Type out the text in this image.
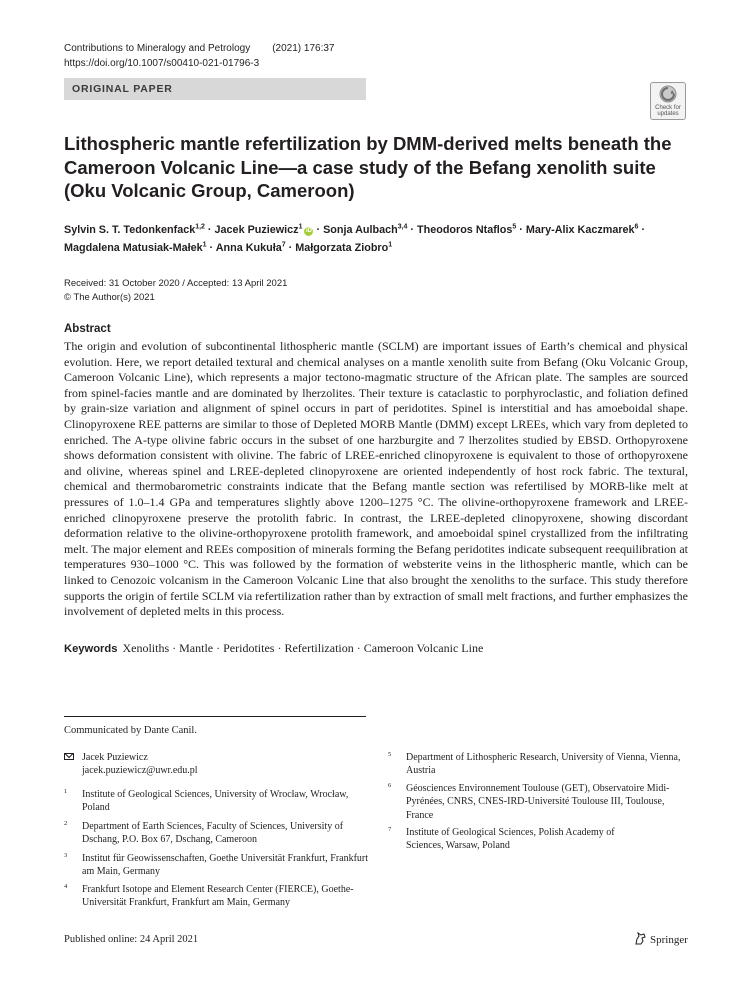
Contributions to Mineralogy and Petrology (2021) 176:37
https://doi.org/10.1007/s00410-021-01796-3
ORIGINAL PAPER
Check for
updates
Lithospheric mantle refertilization by DMM-derived melts beneath the Cameroon Volcanic Line—a case study of the Befang xenolith suite (Oku Volcanic Group, Cameroon)
Sylvin S. T. Tedonkenfack$^{1,2}$ · Jacek Puziewicz$^1$iD · Sonja Aulbach$^{3,4}$ · Theodoros Ntaflos$^5$ · Mary-Alix Kaczmarek$^6$ ·
Magdalena Matusiak-Małek$^1$ · Anna Kukuła$^7$ · Małgorzata Ziobro$^1$
Received: 31 October 2020 / Accepted: 13 April 2021
© The Author(s) 2021
Abstract
The origin and evolution of subcontinental lithospheric mantle (SCLM) are important issues of Earth’s chemical and physical evolution. Here, we report detailed textural and chemical analyses on a mantle xenolith suite from Befang (Oku Volcanic Group, Cameroon Volcanic Line), which represents a major tectono-magmatic structure of the African plate. The samples are sourced from spinel-facies mantle and are dominated by lherzolites. Their texture is cataclastic to porphyroclastic, and foliation defined by grain-size variation and alignment of spinel occurs in part of peridotites. Spinel is interstitial and has amoeboidal shape. Clinopyroxene REE patterns are similar to those of Depleted MORB Mantle (DMM) except LREEs, which vary from depleted to enriched. The A-type olivine fabric occurs in the subset of one harzburgite and 7 lherzolites studied by EBSD. Orthopyroxene shows deformation consistent with olivine. The fabric of LREE-enriched clinopyroxene is equivalent to those of orthopyroxene and olivine, whereas spinel and LREE-depleted clinopyroxene are oriented independently of host rock fabric. The textural, chemical and thermobarometric constraints indicate that the Befang mantle section was refertilised by MORB-like melt at pressures of 1.0–1.4 GPa and temperatures slightly above 1200–1275 °C. The olivine-orthopyroxene framework and LREE-enriched clinopyroxene preserve the protolith fabric. In contrast, the LREE-depleted clinopyroxene, showing discordant deformation relative to the olivine-orthopyroxene protolith framework, and amoeboidal spinel crystallized from the infiltrating melt. The major element and REEs composition of minerals forming the Befang peridotites indicate subsequent reequilibration at temperatures 930–1000 °C. This was followed by the formation of websterite veins in the lithospheric mantle, which can be linked to Cenozoic volcanism in the Cameroon Volcanic Line that also brought the xenoliths to the surface. This study therefore supports the origin of fertile SCLM via refertilization rather than by extraction of small melt fractions, and further emphasizes the involvement of depleted melts in this process.
Keywords Xenoliths · Mantle · Peridotites · Refertilization · Cameroon Volcanic Line
Communicated by Dante Canil.
Jacek Puziewicz
jacek.puziewicz@uwr.edu.pl
1 Institute of Geological Sciences, University of Wrocław, Wrocław, Poland
2 Department of Earth Sciences, Faculty of Sciences, University of Dschang, P.O. Box 67, Dschang, Cameroon
3 Institut für Geowissenschaften, Goethe Universität Frankfurt, Frankfurt am Main, Germany
4 Frankfurt Isotope and Element Research Center (FIERCE), Goethe-Universität Frankfurt, Frankfurt am Main, Germany
5 Department of Lithospheric Research, University of Vienna, Vienna, Austria
6 Géosciences Environnement Toulouse (GET), Observatoire Midi-Pyrénées, CNRS, CNES-IRD-Université Toulouse III, Toulouse, France
7 Institute of Geological Sciences, Polish Academy of Sciences, Warsaw, Poland
Published online: 24 April 2021	Springer
